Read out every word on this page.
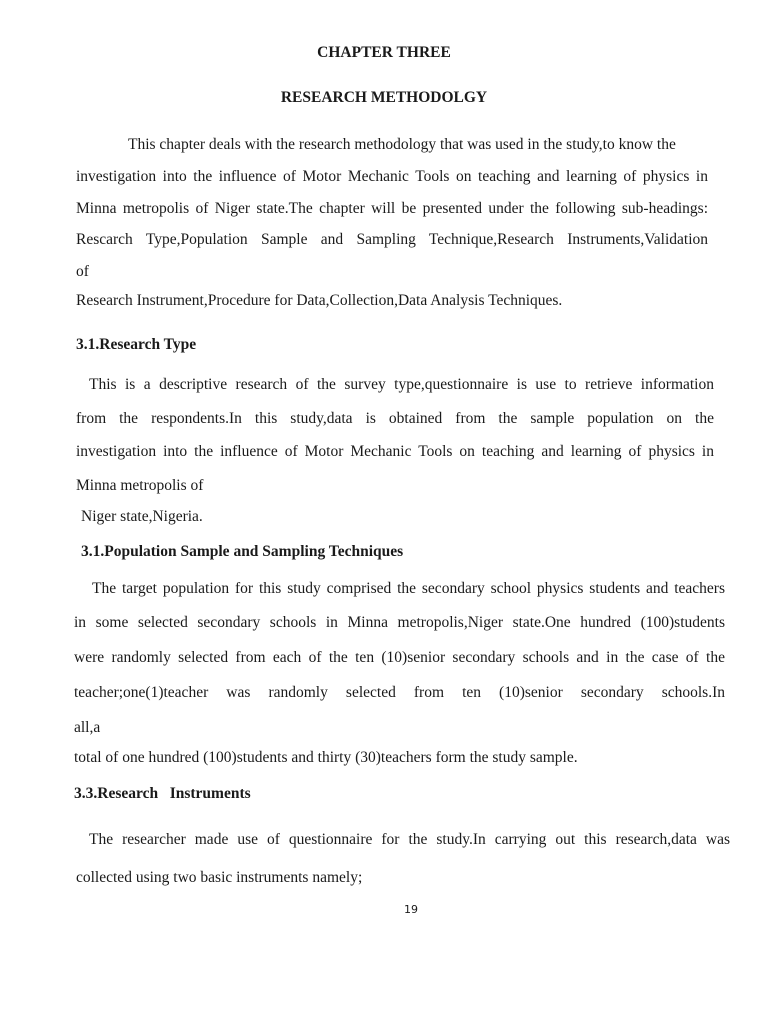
CHAPTER THREE
RESEARCH METHODOLGY
This chapter deals with the research methodology that was used in the study,to know the
investigation into the influence of Motor Mechanic Tools on teaching and learning of physics in
Minna metropolis of Niger state.The chapter will be presented under the following sub-headings:
Rescarch Type,Population Sample and Sampling Technique,Research Instruments,Validation
of
Research Instrument,Procedure for Data,Collection,Data Analysis Techniques.
3.1.Research Type
This is a descriptive research of the survey type,questionnaire is use to retrieve information
from the respondents.In this study,data is obtained from the sample population on the
investigation into the influence of Motor Mechanic Tools on teaching and learning of physics in
Minna metropolis of
Niger state,Nigeria.
3.1.Population Sample and Sampling Techniques
The target population for this study comprised the secondary school physics students and teachers
in some selected secondary schools in Minna metropolis,Niger state.One hundred (100)students
were randomly selected from each of the ten (10)senior secondary schools and in the case of the
teacher;one(1)teacher was randomly selected from ten (10)senior secondary schools.In
all,a
total of one hundred (100)students and thirty (30)teachers form the study sample.
3.3.Research   Instruments
The researcher made use of questionnaire for the study.In carrying out this research,data was
collected using two basic instruments namely;
19
